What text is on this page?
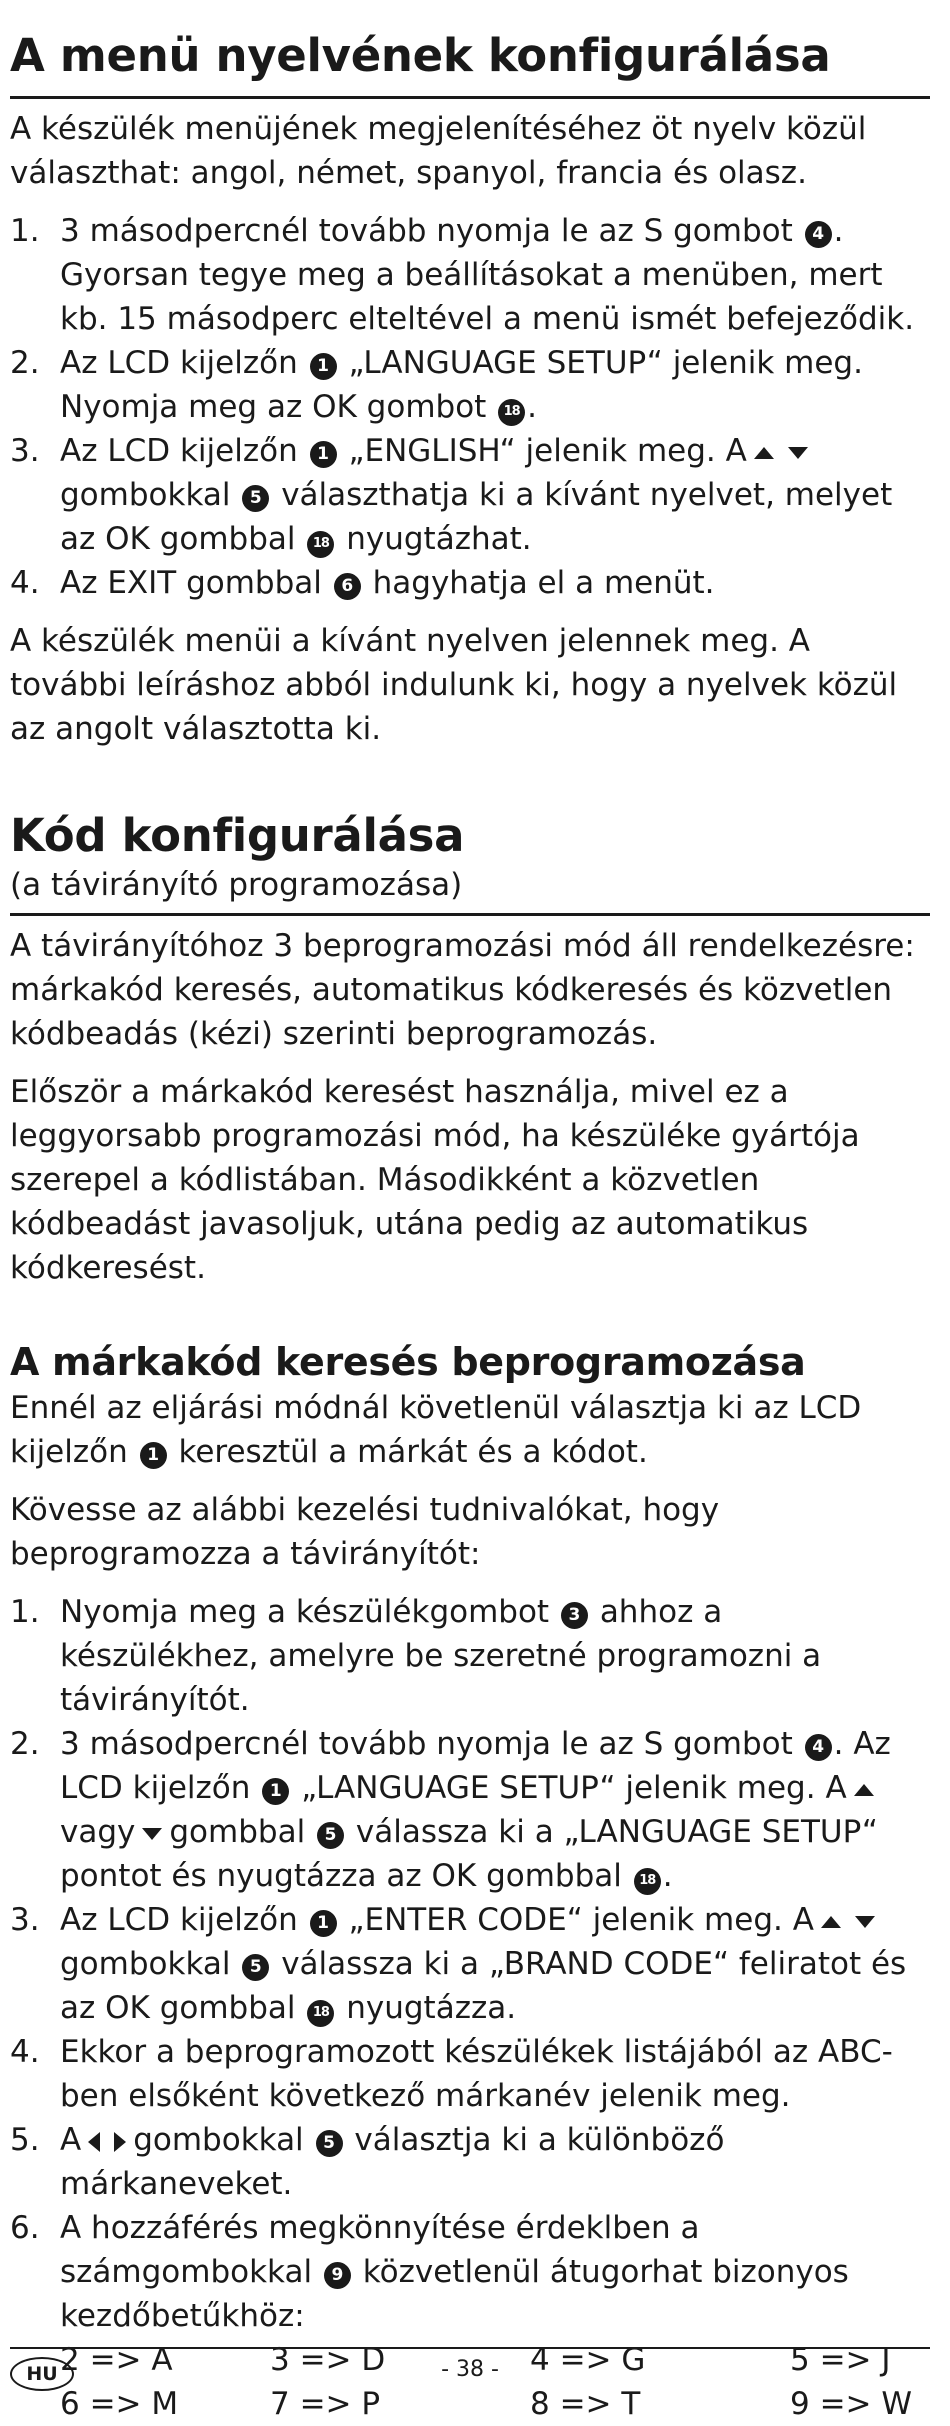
A menü nyelvének konfigurálása

A készülék menüjének megjelenítéséhez öt nyelv közül választhat: angol, német, spanyol, francia és olasz.

1. 3 másodpercnél tovább nyomja le az S gombot 4 . Gyorsan tegye meg a beállításokat a menüben, mert kb. 15 másodperc elteltével a menü ismét befejeződik.
2. Az LCD kijelzőn 1 „LANGUAGE SETUP“ jelenik meg. Nyomja meg az OK gombot 18 .
3. Az LCD kijelzőn 1 „ENGLISH“ jelenik meg. A gombokkal 5 választhatja ki a kívánt nyelvet, melyet az OK gombbal 18 nyugtázhat.
4. Az EXIT gombbal 6 hagyhatja el a menüt.

A készülék menüi a kívánt nyelven jelennek meg. A további leíráshoz abból indulunk ki, hogy a nyelvek közül az angolt választotta ki.

Kód konfigurálása

(a távirányító programozása)

A távirányítóhoz 3 beprogramozási mód áll rendelkezésre: márkakód keresés, automatikus kódkeresés és közvetlen kódbeadás (kézi) szerinti beprogramozás.

Először a márkakód keresést használja, mivel ez a leggyorsabb programozási mód, ha készüléke gyártója szerepel a kódlistában. Másodikként a közvetlen kódbeadást javasoljuk, utána pedig az automatikus kódkeresést.

A márkakód keresés beprogramozása

Ennél az eljárási módnál követlenül választja ki az LCD kijelzőn 1 keresztül a márkát és a kódot.

Kövesse az alábbi kezelési tudnivalókat, hogy beprogramozza a távirányítót:

1. Nyomja meg a készülékgombot 3 ahhoz a készülékhez, amelyre be szeretné programozni a távirányítót.
2. 3 másodpercnél tovább nyomja le az S gombot 4 . Az LCD kijelzőn 1 „LANGUAGE SETUP“ jelenik meg. Avagy gombbal 5 válassza ki a „LANGUAGE SETUP“ pontot és nyugtázza az OK gombbal 18 .
3. Az LCD kijelzőn 1 „ENTER CODE“ jelenik meg. Agombokkal 5 válassza ki a „BRAND CODE“ feliratot és az OK gombbal 18 nyugtázza.
4. Ekkor a beprogramozott készülékek listájából az ABC-ben elsőként következő márkanév jelenik meg.
5. A gombokkal 5 választja ki a különböző márkaneveket.
6. A hozzáférés megkönnyítése érdeklben a számgombokkal 9 közvetlenül átugorhat bizonyos kezdőbetűkhöz:
2 => A	3 => D	4 => G	5 => J
6 => M	7 => P	8 => T	9 => W
HU	- 38 -
